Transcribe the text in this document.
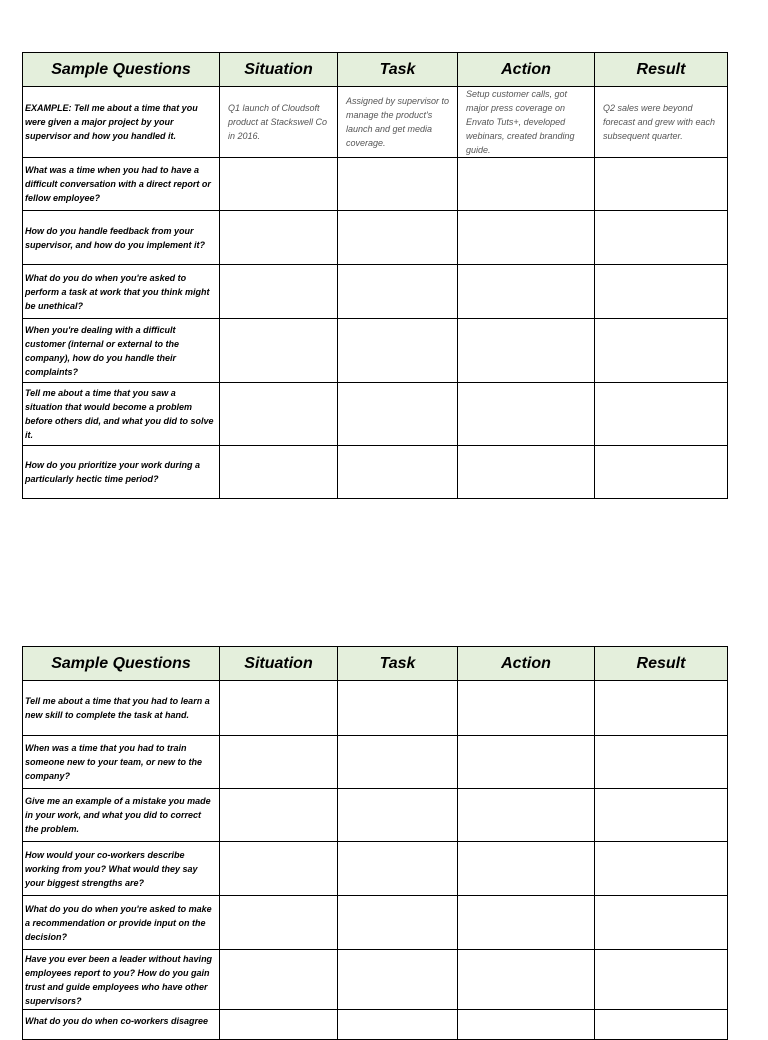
Sample Questions	Situation	Task	Action	Result
EXAMPLE: Tell me about a time that you were given a major project by your supervisor and how you handled it.	Q1 launch of Cloudsoft product at Stackswell Co in 2016.	Assigned by supervisor to manage the product's launch and get media coverage.	Setup customer calls, got major press coverage on Envato Tuts+, developed webinars, created branding guide.	Q2 sales were beyond forecast and grew with each subsequent quarter.
What was a time when you had to have a difficult conversation with a direct report or fellow employee?				
How do you handle feedback from your supervisor, and how do you implement it?				
What do you do when you're asked to perform a task at work that you think might be unethical?				
When you're dealing with a difficult customer (internal or external to the company), how do you handle their complaints?				
Tell me about a time that you saw a situation that would become a problem before others did, and what you did to solve it.				
How do you prioritize your work during a particularly hectic time period?				
Sample Questions	Situation	Task	Action	Result
Tell me about a time that you had to learn a new skill to complete the task at hand.				
When was a time that you had to train someone new to your team, or new to the company?				
Give me an example of a mistake you made in your work, and what you did to correct the problem.				
How would your co-workers describe working from you? What would they say your biggest strengths are?				
What do you do when you're asked to make a recommendation or provide input on the decision?				
Have you ever been a leader without having employees report to you? How do you gain trust and guide employees who have other supervisors?				
What do you do when co-workers disagree				
